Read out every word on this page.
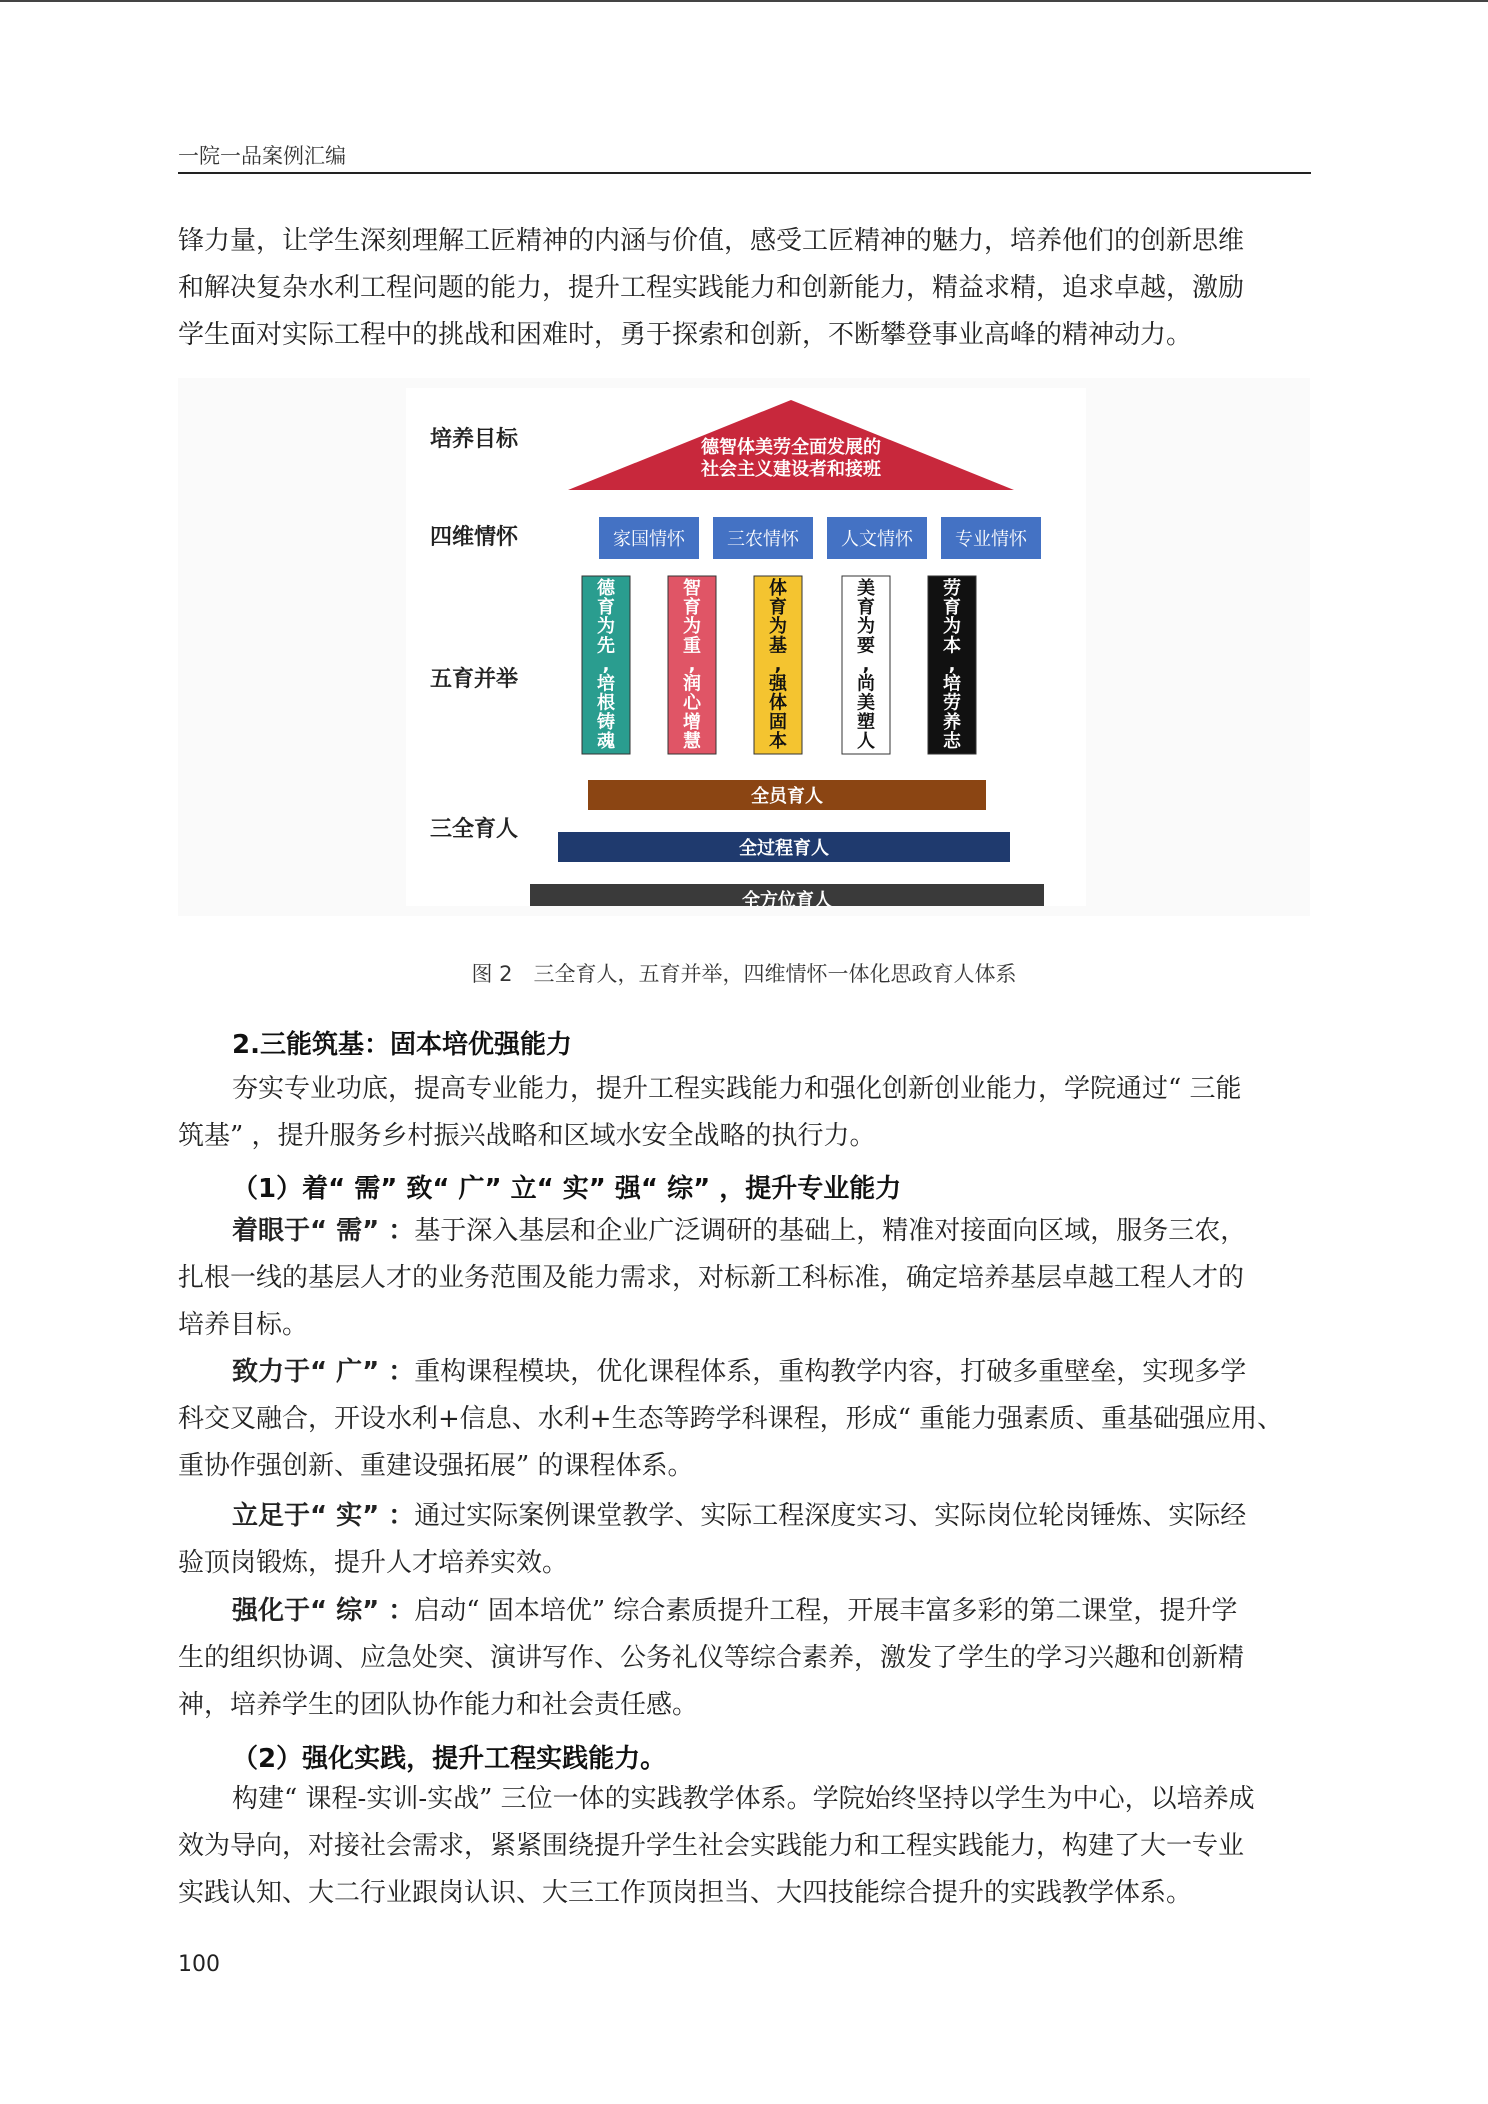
一院一品案例汇编
锋力量，让学生深刻理解工匠精神的内涵与价值，感受工匠精神的魅力，培养他们的创新思维
和解决复杂水利工程问题的能力，提升工程实践能力和创新能力，精益求精，追求卓越，激励
学生面对实际工程中的挑战和困难时，勇于探索和创新，不断攀登事业高峰的精神动力。
培养目标
四维情怀
五育并举
三全育人
德智体美劳全面发展的
社会主义建设者和接班
家国情怀 三农情怀 人文情怀 专业情怀
德育为先,培根铸魂
智育为重,润心增慧
体育为基,强体固本
美育为要,尚美塑人
劳育为本,培劳养志
全员育人
全过程育人
全方位育人
图 2　三全育人，五育并举，四维情怀一体化思政育人体系
2.三能筑基：固本培优强能力
夯实专业功底，提高专业能力，提升工程实践能力和强化创新创业能力，学院通过“ 三能
筑基” ，提升服务乡村振兴战略和区域水安全战略的执行力。
（1）着“ 需” 致“ 广” 立“ 实” 强“ 综” ，提升专业能力
着眼于“ 需” ：基于深入基层和企业广泛调研的基础上，精准对接面向区域，服务三农，
扎根一线的基层人才的业务范围及能力需求，对标新工科标准，确定培养基层卓越工程人才的
培养目标。
致力于“ 广” ：重构课程模块，优化课程体系，重构教学内容，打破多重壁垒，实现多学
科交叉融合，开设水利+信息、水利+生态等跨学科课程，形成“ 重能力强素质、重基础强应用、
重协作强创新、重建设强拓展” 的课程体系。
立足于“ 实” ：通过实际案例课堂教学、实际工程深度实习、实际岗位轮岗锤炼、实际经
验顶岗锻炼，提升人才培养实效。
强化于“ 综” ：启动“ 固本培优” 综合素质提升工程，开展丰富多彩的第二课堂，提升学
生的组织协调、应急处突、演讲写作、公务礼仪等综合素养，激发了学生的学习兴趣和创新精
神，培养学生的团队协作能力和社会责任感。
（2）强化实践，提升工程实践能力。
构建“ 课程-实训-实战” 三位一体的实践教学体系。学院始终坚持以学生为中心，以培养成
效为导向，对接社会需求，紧紧围绕提升学生社会实践能力和工程实践能力，构建了大一专业
实践认知、大二行业跟岗认识、大三工作顶岗担当、大四技能综合提升的实践教学体系。
100
